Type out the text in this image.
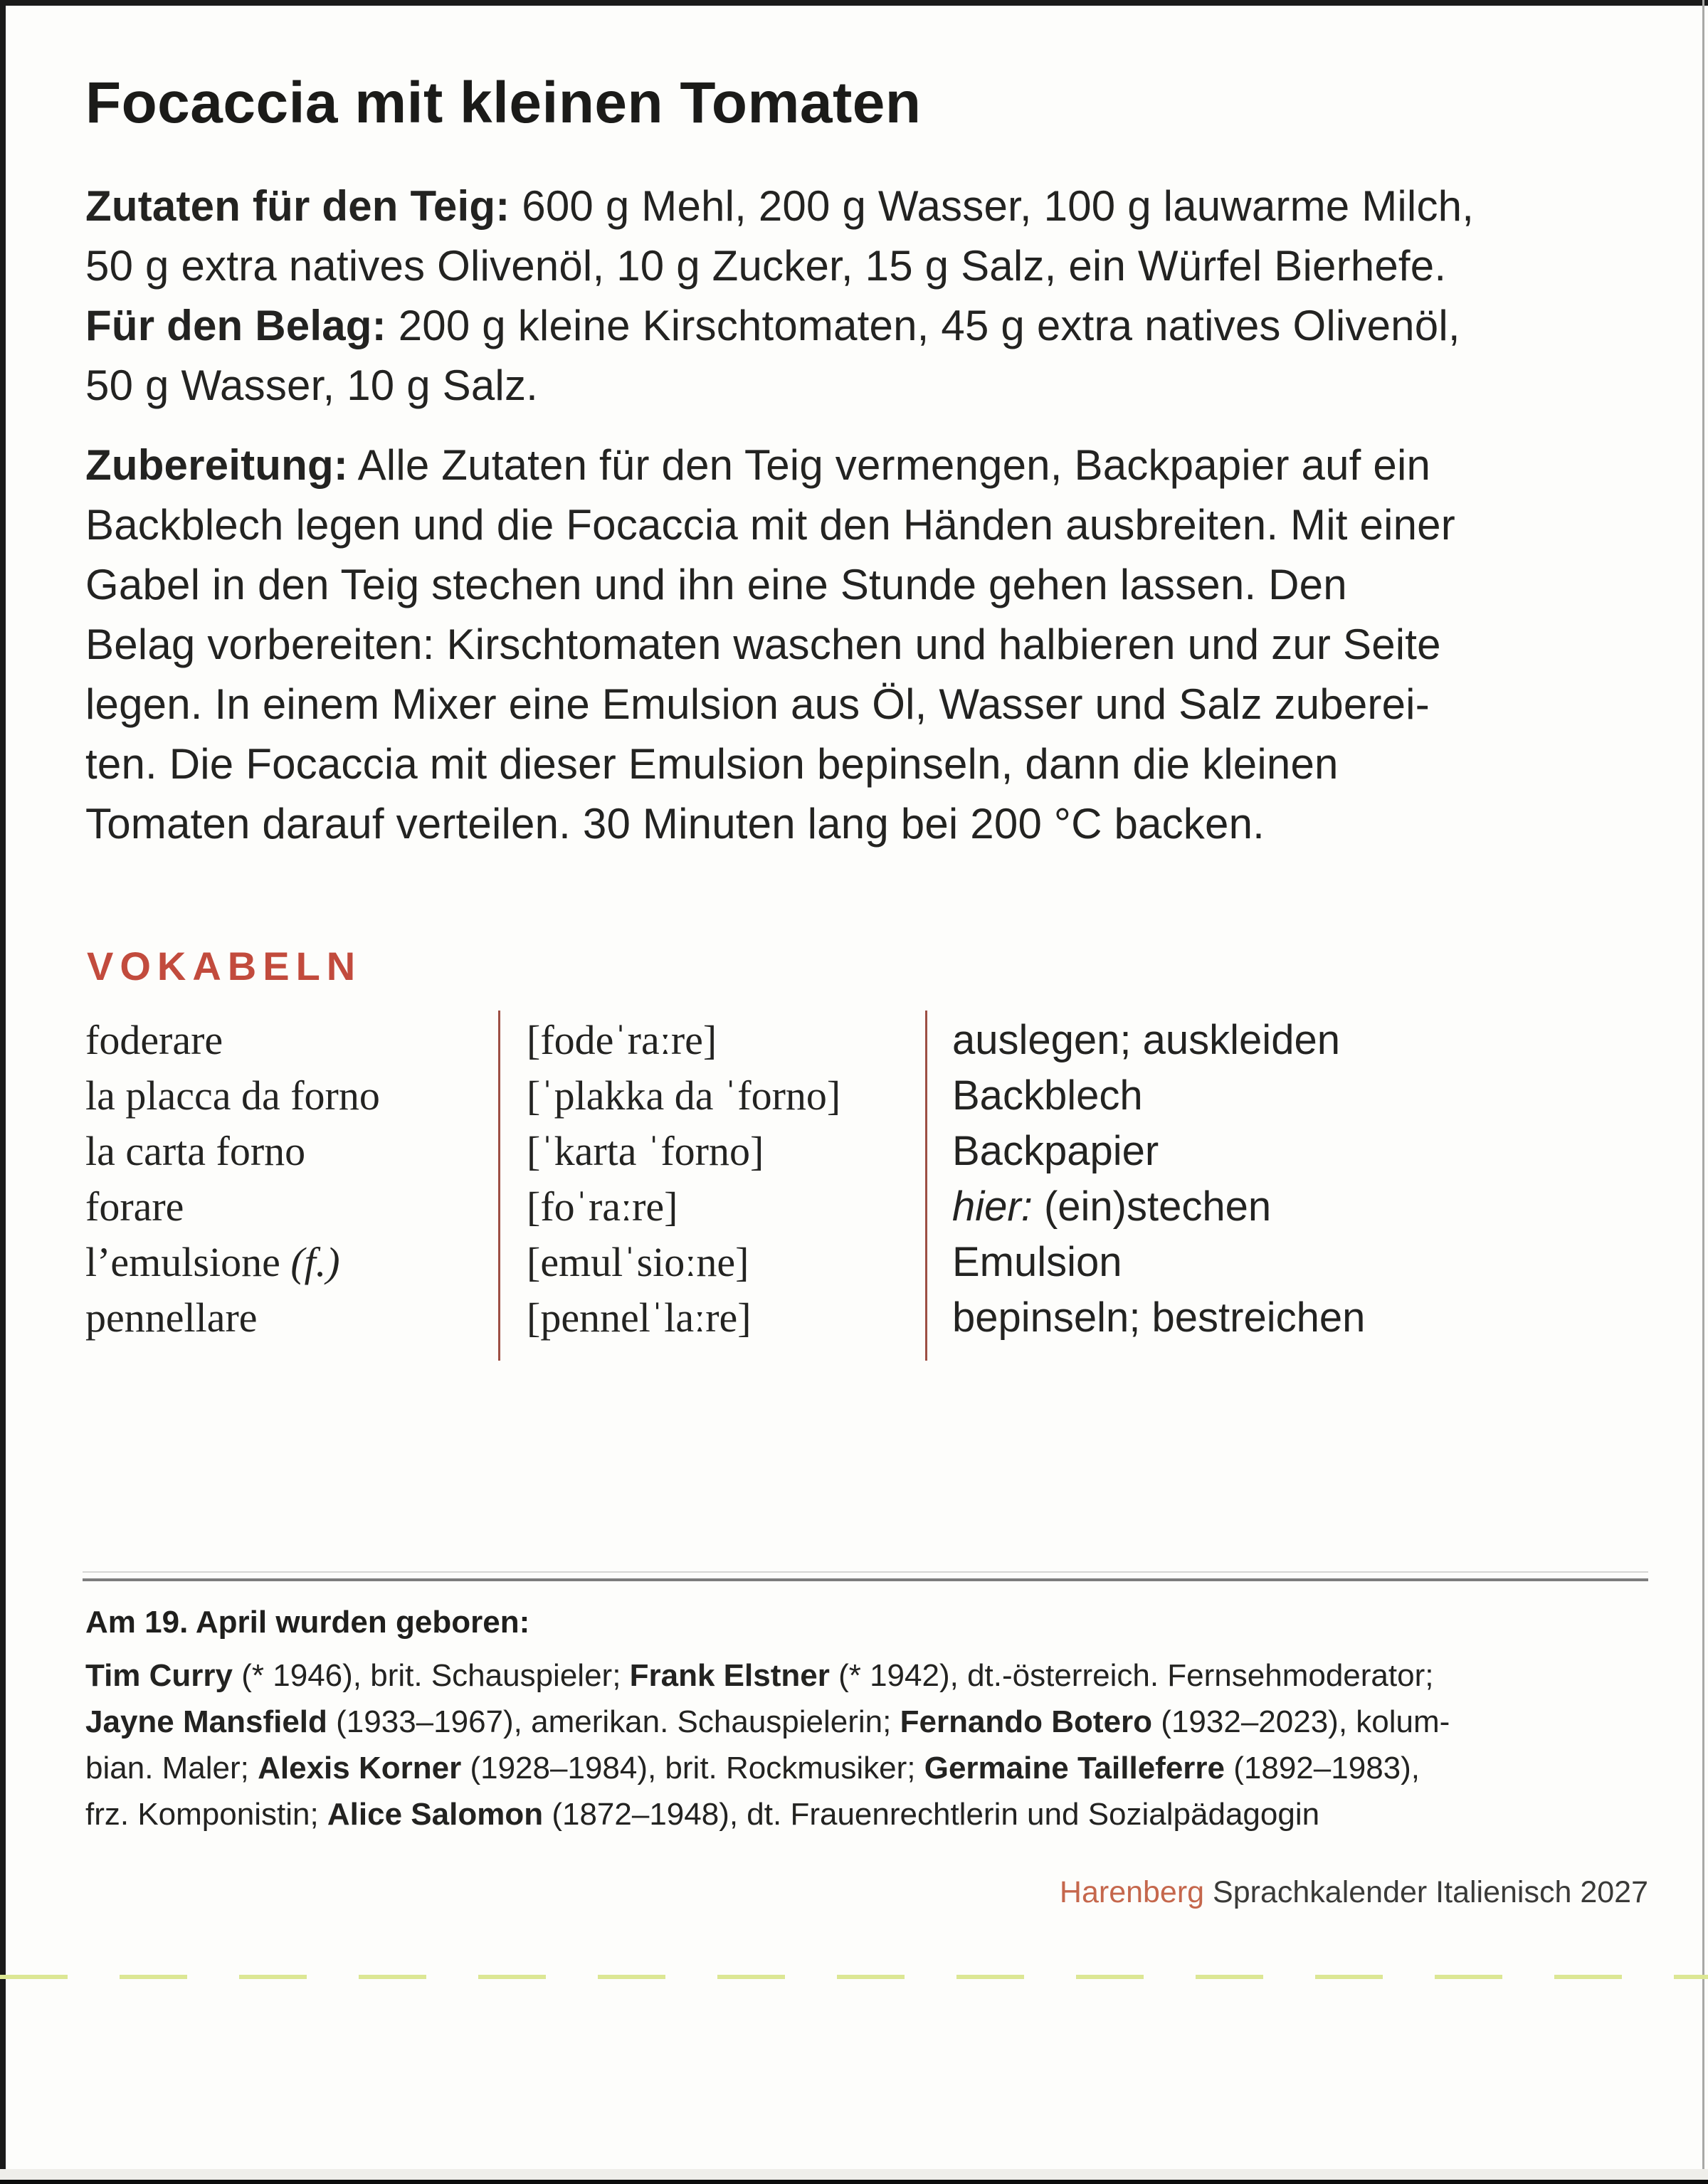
Focaccia mit kleinen Tomaten
Zutaten für den Teig: 600 g Mehl, 200 g Wasser, 100 g lauwarme Milch,
50 g extra natives Olivenöl, 10 g Zucker, 15 g Salz, ein Würfel Bierhefe.
Für den Belag: 200 g kleine Kirschtomaten, 45 g extra natives Olivenöl,
50 g Wasser, 10 g Salz.
Zubereitung: Alle Zutaten für den Teig vermengen, Backpapier auf ein
Backblech legen und die Focaccia mit den Händen ausbreiten. Mit einer
Gabel in den Teig stechen und ihn eine Stunde gehen lassen. Den
Belag vorbereiten: Kirschtomaten waschen und halbieren und zur Seite
legen. In einem Mixer eine Emulsion aus Öl, Wasser und Salz zuberei-
ten. Die Focaccia mit dieser Emulsion bepinseln, dann die kleinen
Tomaten darauf verteilen. 30 Minuten lang bei 200 °C backen.
VOKABELN
foderare	[fodeˈraːre]	auslegen; auskleiden
la placca da forno	[ˈplakka da ˈforno]	Backblech
la carta forno	[ˈkarta ˈforno]	Backpapier
forare	[foˈraːre]	hier: (ein)stechen
l’emulsione (f.)	[emulˈsioːne]	Emulsion
pennellare	[pennelˈlaːre]	bepinseln; bestreichen
Am 19. April wurden geboren:
Tim Curry (* 1946), brit. Schauspieler; Frank Elstner (* 1942), dt.-österreich. Fernsehmoderator;
Jayne Mansfield (1933–1967), amerikan. Schauspielerin; Fernando Botero (1932–2023), kolum-
bian. Maler; Alexis Korner (1928–1984), brit. Rockmusiker; Germaine Tailleferre (1892–1983),
frz. Komponistin; Alice Salomon (1872–1948), dt. Frauenrechtlerin und Sozialpädagogin
Harenberg Sprachkalender Italienisch 2027
